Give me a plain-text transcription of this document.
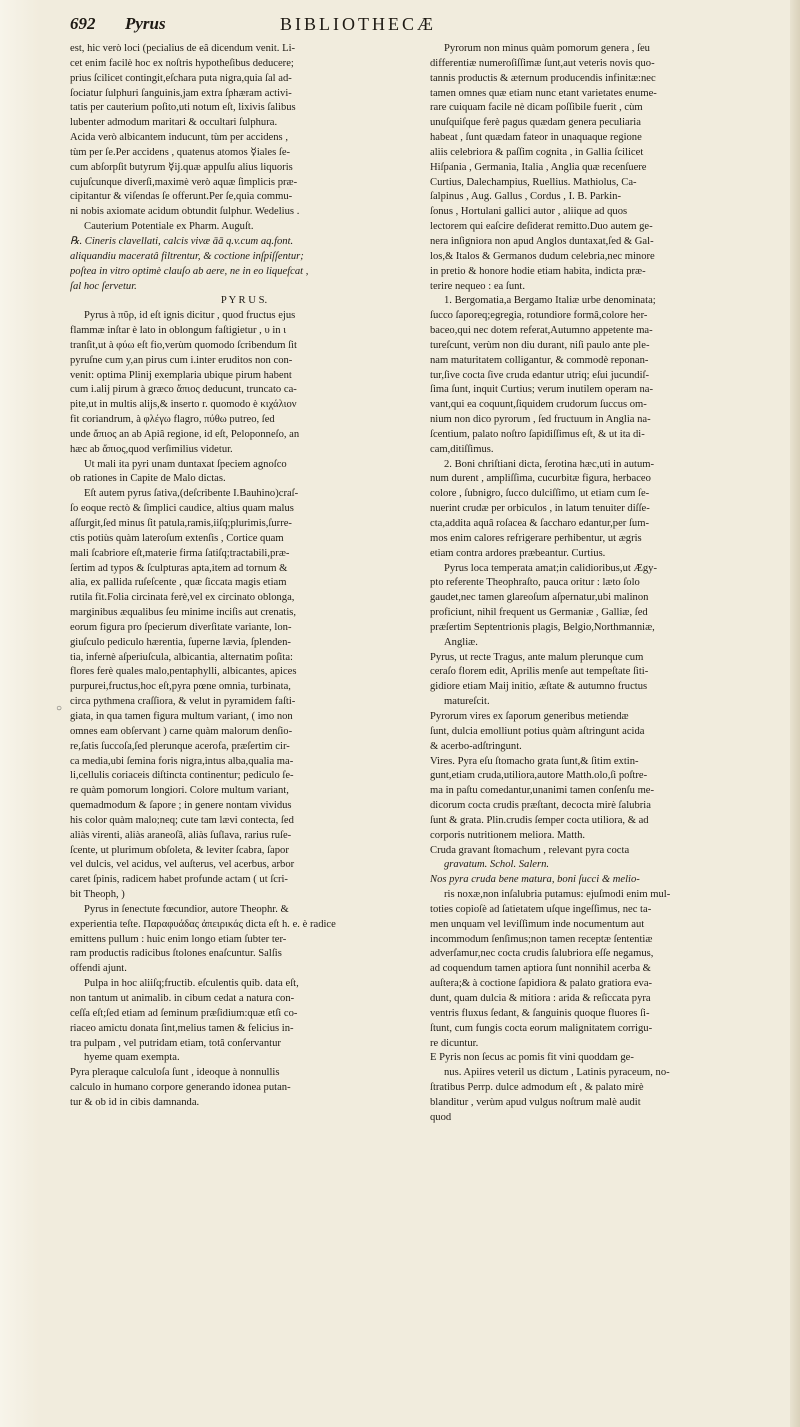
692 Pyrus	BIBLIOTHECÆ
est, hic verò loci (pecialius de eâ dicendum venit. Li-
cet enim facilè hoc ex noſtris hypotheſibus deducere;
prius ſcilicet contingit,eſchara puta nigra,quia ſal ad-
ſociatur ſulphuri ſanguinis,jam extra ſphæram activi-
tatis per cauterium poſito,uti notum eſt, lixivis ſalibus
lubenter admodum maritari & occultari ſulphura.
Acida verò albicantem inducunt, tùm per accidens ,
tùm per ſe.Per accidens , quatenus atomos ☿iales ſe-
cum abſorpſit butyrum ☿ij.quæ appulſu alius liquoris
cujuſcunque diverſi,maximè verò aquæ ſimplicis præ-
cipitantur & viſendas ſe offerunt.Per ſe,quia commu-
ni nobis axiomate acidum obtundit ſulphur. Wedelius .
Cauterium Potentiale ex Pharm. Auguſt.
℞. Cineris clavellati, calcis vivæ āā q.v.cum aq.font.
aliquandiu maceratâ filtrentur, & coctione inſpiſſentur;
poſtea in vitro optimè clauſo ab aere, ne in eo liquefcat ,
ſal hoc ſervetur.
P Y R U S.
Pyrus à πῦρ, id eſt ignis dicitur , quod fructus ejus
flammæ inſtar è lato in oblongum faſtigietur , υ in ι
tranſit,ut à φύω eſt fio,verùm quomodo ſcribendum ſit
pyruſne cum y,an pirus cum i.inter eruditos non con-
venit: optima Plinij exemplaria ubique pirum habent
cum i.alij pirum à græco ἄπιος deducunt, truncato ca-
pite,ut in multis alijs,& inserto r. quomodo è κιχάλιον
fit coriandrum, à φλέγω flagro, πύθω putreo, ſed
unde ἄπιος an ab Apiâ regione, id eſt, Peloponneſo, an
hæc ab ἄπιος,quod verſimilius videtur.
Ut mali ita pyri unam duntaxat ſpeciem agnoſco
ob rationes in Capite de Malo dictas.
Eſt autem pyrus ſativa,(deſcribente I.Bauhino)craſ-
ſo eoque rectò & ſimplici caudice, altius quam malus
aſſurgit,ſed minus ſit patula,ramis,iiſq;plurimis,ſurre-
ctis potiùs quàm lateroſum extenſis , Cortice quam
mali ſcabriore eſt,materie firma ſatiſq;tractabili,præ-
ſertim ad typos & ſculpturas apta,item ad tornum &
alia, ex pallida ruſeſcente , quæ ſiccata magis etiam
rutila fit.Folia circinata ferè,vel ex circinato oblonga,
marginibus æqualibus ſeu minime inciſis aut crenatis,
eorum figura pro ſpecierum diverſitate variante, lon-
giuſculo pediculo hærentia, ſuperne lævia, ſplenden-
tia, infernè aſperiuſcula, albicantia, alternatim poſita:
flores ferè quales malo,pentaphylli, albicantes, apices
purpurei,fructus,hoc eſt,pyra pœne omnia, turbinata,
circa pythmena craſſiora, & velut in pyramidem faſti-
giata, in qua tamen figura multum variant, ( imo non
omnes eam obſervant ) carne quàm malorum denſio-
re,ſatis ſuccoſa,ſed plerunque acerofa, præſertim cir-
ca media,ubi ſemina foris nigra,intus alba,qualia ma-
li,cellulis coriaceis diſtincta continentur; pediculo ſe-
re quàm pomorum longiori. Colore multum variant,
quemadmodum & ſapore ; in genere nontam vividus
his color quàm malo;neq; cute tam lævi contecta, ſed
aliàs virenti, aliàs araneoſâ, aliàs ſuſlava, rarius ruſe-
ſcente, ut plurimum obſoleta, & leviter ſcabra, ſapor
vel dulcis, vel acidus, vel auſterus, vel acerbus, arbor
caret ſpinis, radicem habet profunde actam ( ut ſcri-
bit Theoph, )
Pyrus in ſenectute fœcundior, autore Theophr. &
experientia teſte. Παραφυάδας ἀπειρικάς dicta eſt h. e. è radice
emittens pullum : huic enim longo etiam ſubter ter-
ram productis radicibus ſtolones enaſcuntur. Salſis
offendi ajunt.
Pulpa in hoc aliiſq;fructib. eſculentis quib. data eſt,
non tantum ut animalib. in cibum cedat a natura con-
ceſſa eſt;ſed etiam ad ſeminum præſidium:quæ etſi co-
riaceo amictu donata ſint,melius tamen & felicius in-
tra pulpam , vel putridam etiam, totâ conſervantur
hyeme quam exempta.
Pyra pleraque calculoſa ſunt , ideoque à nonnullis
calculo in humano corpore generando idonea putan-
tur & ob id in cibis damnanda.
Pyrorum non minus quàm pomorum genera , ſeu
differentiæ numeroſiſſimæ ſunt,aut veteris novis quo-
tannis productis & æternum producendis infinitæ:nec
tamen omnes quæ etiam nunc etant varietates enume-
rare cuiquam facile nè dicam poſſibile fuerit , cùm
unuſquiſque ferè pagus quædam genera peculiaria
habeat , ſunt quædam fateor in unaquaque regione
aliis celebriora & paſſim cognita , in Gallia ſcilicet
Hiſpania , Germania, Italia , Anglia quæ recenſuere
Curtius, Dalechampius, Ruellius. Mathiolus, Ca-
ſalpinus , Aug. Gallus , Cordus , I. B. Parkin-
ſonus , Hortulani gallici autor , aliique ad quos
lectorem qui eaſcire deſiderat remitto.Duo autem ge-
nera inſigniora non apud Anglos duntaxat,ſed & Gal-
los,& Italos & Germanos dudum celebria,nec minore
in pretio & honore hodie etiam habita, indicta præ-
terire nequeo : ea ſunt.
1. Bergomatia,a Bergamo Italiæ urbe denominata;
ſucco ſaporeq;egregia, rotundiore formâ,colore her-
baceo,qui nec dotem referat,Autumno appetente ma-
tureſcunt, verùm non diu durant, niſi paulo ante ple-
nam maturitatem colligantur, & commodè reponan-
tur,ſive cocta ſive cruda edantur utriq; eſui jucundiſ-
ſima ſunt, inquit Curtius; verum inutilem operam na-
vant,qui ea coquunt,ſiquidem crudorum ſuccus om-
nium non dico pyrorum , ſed fructuum in Anglia na-
ſcentium, palato noſtro ſapidiſſimus eſt, & ut ita di-
cam,ditiſſimus.
2. Boni chriſtiani dicta, ſerotina hæc,uti in autum-
num durent , ampliſſima, cucurbitæ figura, herbaceo
colore , ſubnigro, ſucco dulciſſimo, ut etiam cum ſe-
nuerint crudæ per orbiculos , in latum tenuiter diſſe-
cta,addita aquâ roſacea & ſaccharo edantur,per ſum-
mos enim calores refrigerare perhibentur, ut ægris
etiam contra ardores præbeantur. Curtius.
Pyrus loca temperata amat;in calidioribus,ut Ægy-
pto referente Theophraſto, pauca oritur : læto ſolo
gaudet,nec tamen glareoſum aſpernatur,ubi malinon
proficiunt, nihil frequent us Germaniæ , Galliæ, ſed
præſertim Septentrionis plagis, Belgio,Northmanniæ,
Angliæ.
Pyrus, ut recte Tragus, ante malum plerunque cum
ceraſo florem edit, Aprilis menſe aut tempeſtate ſiti-
gidiore etiam Maij initio, æſtate & autumno fructus
matureſcit.
Pyrorum vires ex ſaporum generibus metiendæ
ſunt, dulcia emolliunt potius quàm aſtringunt acida
& acerbo-adſtringunt.
Vires. Pyra eſu ſtomacho grata ſunt,& ſitim extin-
gunt,etiam cruda,utiliora,autore Matth.olo,ſi poſtre-
ma in paſtu comedantur,unanimi tamen conſenſu me-
dicorum cocta crudis præſtant, decocta mirè ſalubria
ſunt & grata. Plin.crudis ſemper cocta utiliora, & ad
corporis nutritionem meliora. Matth.
Cruda gravant ſtomachum , relevant pyra cocta
gravatum. Schol. Salern.
Nos pyra cruda bene matura, boni ſucci & melio-
ris noxæ,non inſalubria putamus: ejuſmodi enim mul-
toties copioſè ad ſatietatem uſque ingeſſimus, nec ta-
men unquam vel leviſſimum inde nocumentum aut
incommodum ſenſimus;non tamen receptæ ſententiæ
adverſamur,nec cocta crudis ſalubriora eſſe negamus,
ad coquendum tamen aptiora ſunt nonnihil acerba &
auſtera;& à coctione ſapidiora & palato gratiora eva-
dunt, quam dulcia & mitiora : arida & reſiccata pyra
ventris fluxus ſedant, & ſanguinis quoque fluores ſi-
ſtunt, cum fungis cocta eorum malignitatem corrigu-
re dicuntur.
E Pyris non ſecus ac pomis fit vini quoddam ge-
nus. Apiires veteril us dictum , Latinis pyraceum, no-
ſtratibus Perrp. dulce admodum eſt , & palato mirè
blanditur , verùm apud vulgus noſtrum malè audit
quod
○
